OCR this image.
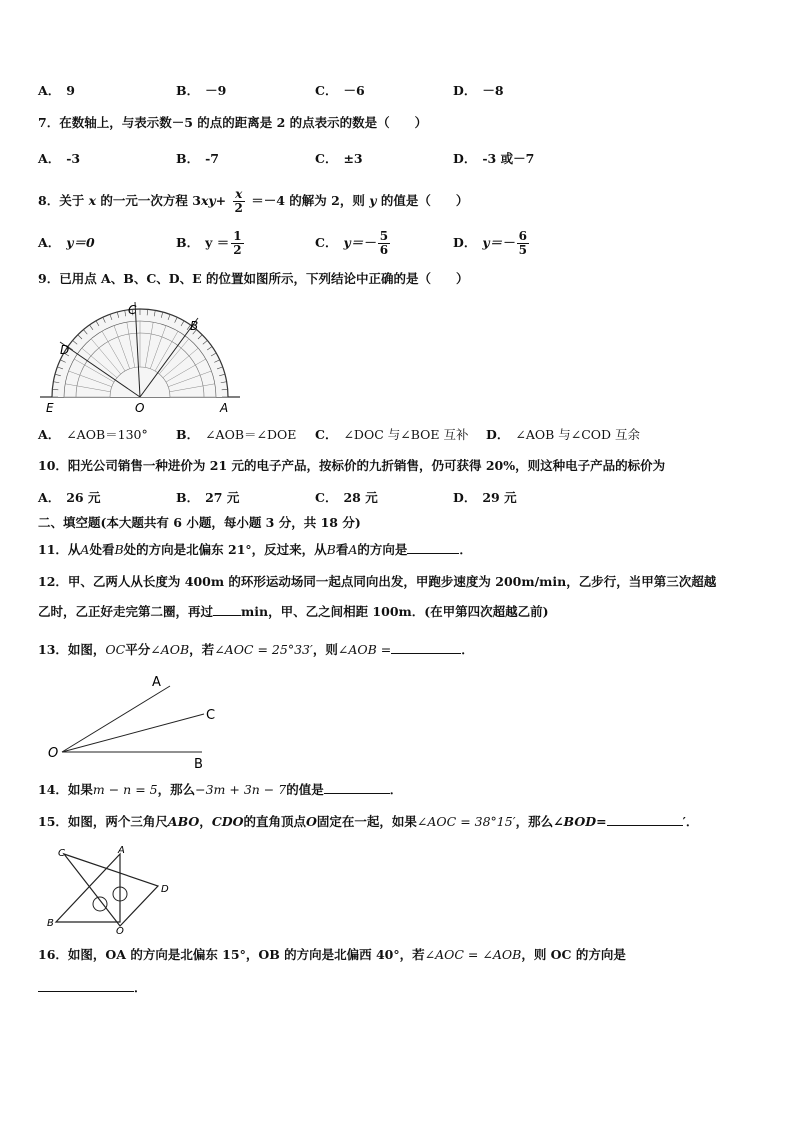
A． 9	B． －9	C． －6	D． －8
7．在数轴上，与表示数－5 的点的距离是 2 的点表示的数是（　　）
A． -3	B． -7	C． ±3	D． -3 或－7
8．关于 x 的一元一次方程 $3xy+ \frac{x}{2} =-4$ 的解为 2，则 y 的值是（　　）
A． y＝0	B． $y = \frac{1}{2}$	C． $y=- \frac{5}{6}$	D． $y=- \frac{6}{5}$
9．已用点 A、B、C、D、E 的位置如图所示，下列结论中正确的是（　　）
C
B
D
E	O	A
A． ∠AOB＝130° B． ∠AOB＝∠DOE C． ∠DOC 与∠BOE 互补 D． ∠AOB 与∠COD 互余
10．阳光公司销售一种进价为 21 元的电子产品，按标价的九折销售，仍可获得 20%，则这种电子产品的标价为
A． 26 元	B． 27 元	C． 28 元	D． 29 元
二、填空题(本大题共有 6 小题，每小题 3 分，共 18 分)
11．从A处看B处的方向是北偏东 21°，反过来，从B看A的方向是	．
12．甲、乙两人从长度为 400m 的环形运动场同一起点同向出发，甲跑步速度为 200m/min，乙步行，当甲第三次超越
乙时，乙正好走完第二圈，再过 min，甲、乙之间相距 100m．(在甲第四次超越乙前)
13．如图，OC平分∠AOB，若∠AOC = 25°33′，则∠AOB =	．
A
C
B
O
14．如果m − n = 5，那么−3m + 3n − 7的值是	．
15．如图，两个三角尺ABO，CDO的直角顶点O固定在一起，如果∠AOC = 38°15′，那么∠BOD=	′．
C	A
D
B
O
16．如图，OA 的方向是北偏东 15°，OB 的方向是北偏西 40°，若∠AOC = ∠AOB，则 OC 的方向是
．
